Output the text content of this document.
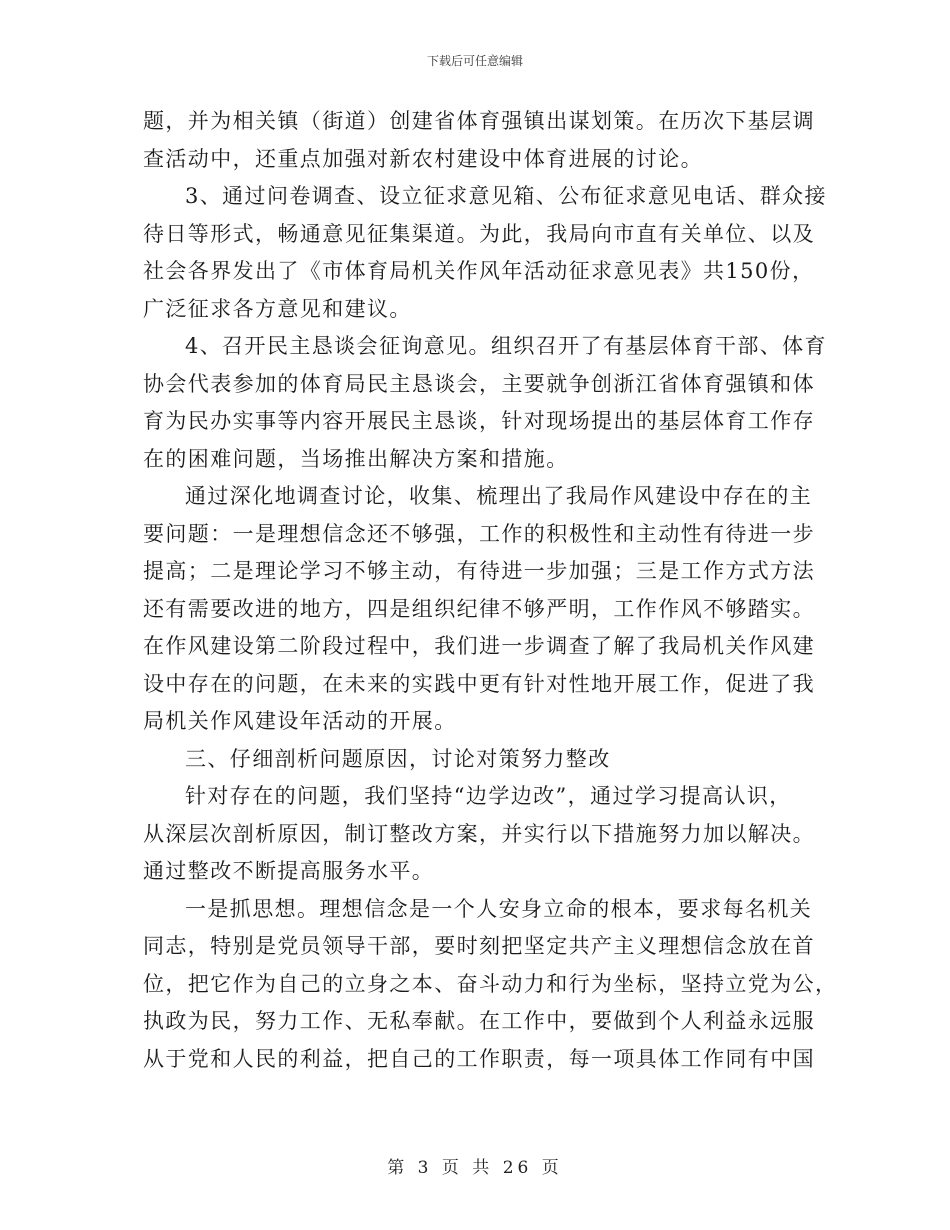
下载后可任意编辑
题，并为相关镇（街道）创建省体育强镇出谋划策。在历次下基层调
查活动中，还重点加强对新农村建设中体育进展的讨论。
3、通过问卷调查、设立征求意见箱、公布征求意见电话、群众接
待日等形式，畅通意见征集渠道。为此，我局向市直有关单位、以及
社会各界发出了《市体育局机关作风年活动征求意见表》共150份，
广泛征求各方意见和建议。
4、召开民主恳谈会征询意见。组织召开了有基层体育干部、体育
协会代表参加的体育局民主恳谈会，主要就争创浙江省体育强镇和体
育为民办实事等内容开展民主恳谈，针对现场提出的基层体育工作存
在的困难问题，当场推出解决方案和措施。
通过深化地调查讨论，收集、梳理出了我局作风建设中存在的主
要问题：一是理想信念还不够强，工作的积极性和主动性有待进一步
提高；二是理论学习不够主动，有待进一步加强；三是工作方式方法
还有需要改进的地方，四是组织纪律不够严明，工作作风不够踏实。
在作风建设第二阶段过程中，我们进一步调查了解了我局机关作风建
设中存在的问题，在未来的实践中更有针对性地开展工作，促进了我
局机关作风建设年活动的开展。
三、仔细剖析问题原因，讨论对策努力整改
针对存在的问题，我们坚持“边学边改”，通过学习提高认识，
从深层次剖析原因，制订整改方案，并实行以下措施努力加以解决。
通过整改不断提高服务水平。
一是抓思想。理想信念是一个人安身立命的根本，要求每名机关
同志，特别是党员领导干部，要时刻把坚定共产主义理想信念放在首
位，把它作为自己的立身之本、奋斗动力和行为坐标，坚持立党为公，
执政为民，努力工作、无私奉献。在工作中，要做到个人利益永远服
从于党和人民的利益，把自己的工作职责，每一项具体工作同有中国
第 3 页 共 26 页
